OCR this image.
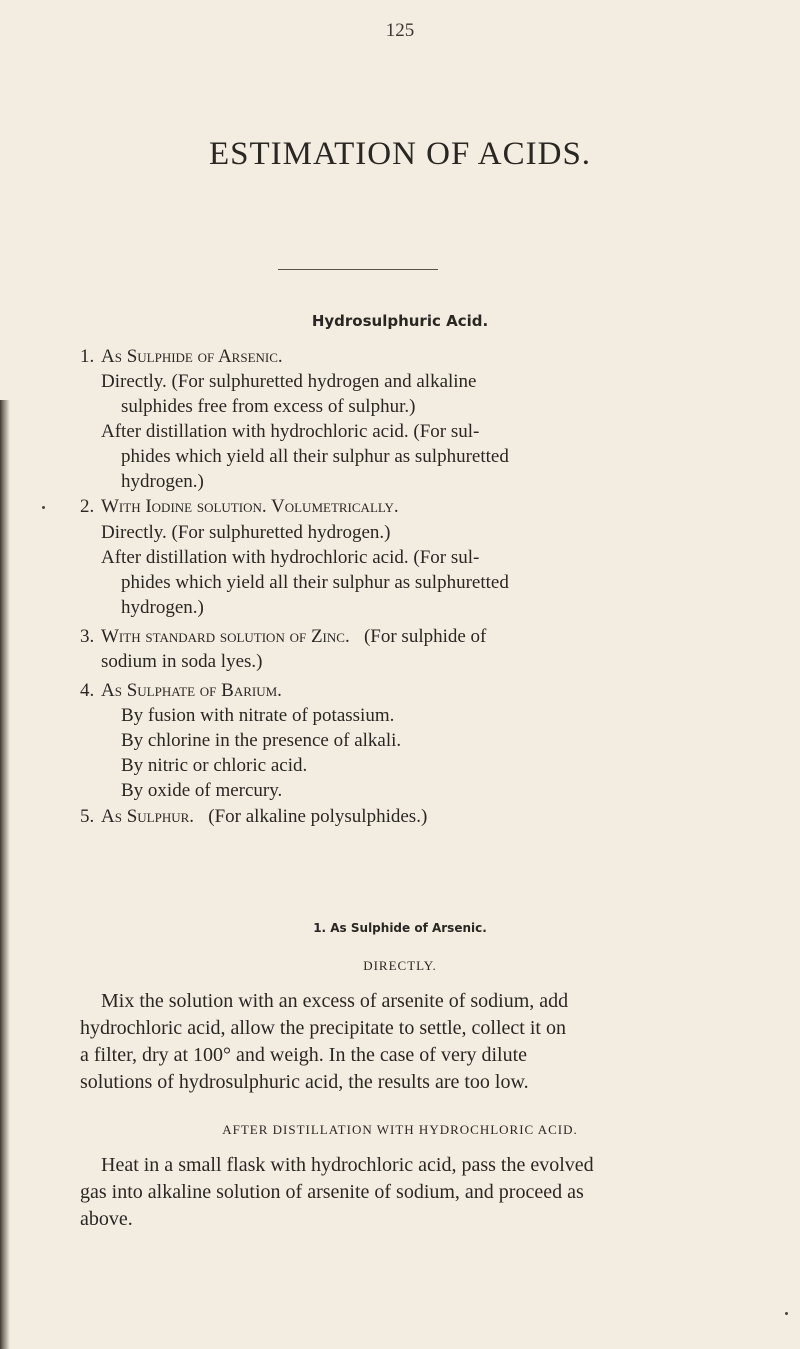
125
ESTIMATION OF ACIDS.
Hydrosulphuric Acid.
1. As Sulphide of Arsenic.
Directly. (For sulphuretted hydrogen and alkaline
sulphides free from excess of sulphur.)
After distillation with hydrochloric acid. (For sul-
phides which yield all their sulphur as sulphuretted
hydrogen.)
2. With Iodine solution. Volumetrically.
Directly. (For sulphuretted hydrogen.)
After distillation with hydrochloric acid. (For sul-
phides which yield all their sulphur as sulphuretted
hydrogen.)
3. With standard solution of Zinc.   (For sulphide of
sodium in soda lyes.)
4. As Sulphate of Barium.
By fusion with nitrate of potassium.
By chlorine in the presence of alkali.
By nitric or chloric acid.
By oxide of mercury.
5. As Sulphur.   (For alkaline polysulphides.)
1. As Sulphide of Arsenic.
DIRECTLY.
Mix the solution with an excess of arsenite of sodium, add
hydrochloric acid, allow the precipitate to settle, collect it on
a filter, dry at 100° and weigh. In the case of very dilute
solutions of hydrosulphuric acid, the results are too low.
AFTER DISTILLATION WITH HYDROCHLORIC ACID.
Heat in a small flask with hydrochloric acid, pass the evolved
gas into alkaline solution of arsenite of sodium, and proceed as
above.
